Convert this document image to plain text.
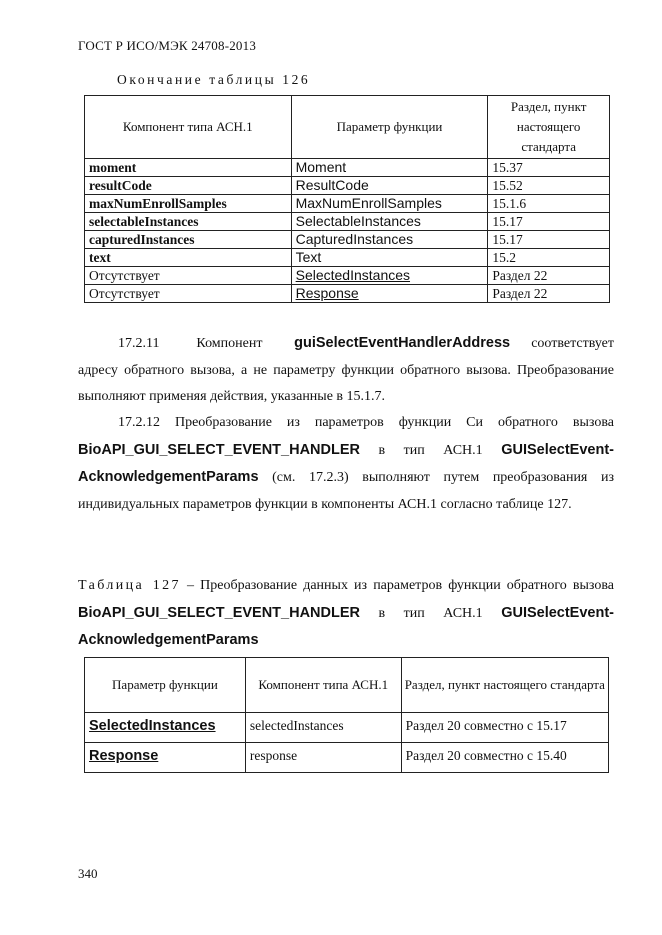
ГОСТ Р ИСО/МЭК 24708-2013
Окончание таблицы 126
Компонент типа АСН.1	Параметр функции	Раздел, пункт настоящего стандарта
moment	Moment	15.37
resultCode	ResultCode	15.52
maxNumEnrollSamples	MaxNumEnrollSamples	15.1.6
selectableInstances	SelectableInstances	15.17
capturedInstances	CapturedInstances	15.17
text	Text	15.2
Отсутствует	SelectedInstances	Раздел 22
Отсутствует	Response	Раздел 22
17.2.11	Компонент guiSelectEventHandlerAddress соответствует адресу обратного вызова, а не параметру функции обратного вызова. Преобразование выполняют применяя действия, указанные в 15.1.7.
17.2.12 Преобразование из параметров функции Си обратного вызова BioAPI_GUI_SELECT_EVENT_HANDLER в тип АСН.1 GUISelectEvent-AcknowledgementParams (см. 17.2.3) выполняют путем преобразования из индивидуальных параметров функции в компоненты АСН.1 согласно таблице 127.
Таблица 127 – Преобразование данных из параметров функции обратного вызова BioAPI_GUI_SELECT_EVENT_HANDLER в тип АСН.1 GUISelectEvent-AcknowledgementParams
Параметр функции	Компонент типа АСН.1	Раздел, пункт настоящего стандарта
SelectedInstances	selectedInstances	Раздел 20 совместно с 15.17
Response	response	Раздел 20 совместно с 15.40
340
